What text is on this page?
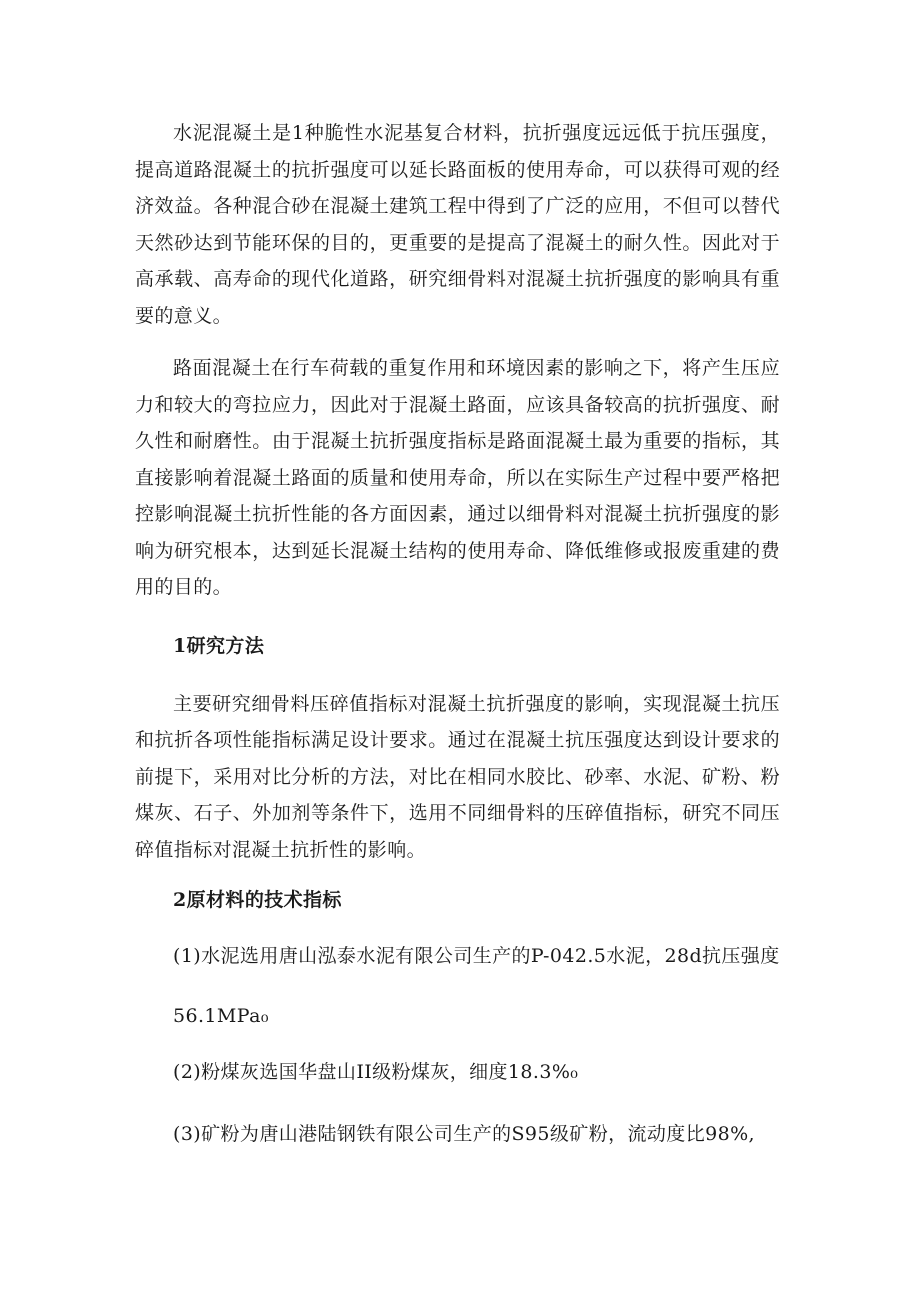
水泥混凝土是1种脆性水泥基复合材料，抗折强度远远低于抗压强度，提高道路混凝土的抗折强度可以延长路面板的使用寿命，可以获得可观的经济效益。各种混合砂在混凝土建筑工程中得到了广泛的应用，不但可以替代天然砂达到节能环保的目的，更重要的是提高了混凝土的耐久性。因此对于高承载、高寿命的现代化道路，研究细骨料对混凝土抗折强度的影响具有重要的意义。

路面混凝土在行车荷载的重复作用和环境因素的影响之下，将产生压应力和较大的弯拉应力，因此对于混凝土路面，应该具备较高的抗折强度、耐久性和耐磨性。由于混凝土抗折强度指标是路面混凝土最为重要的指标，其直接影响着混凝土路面的质量和使用寿命，所以在实际生产过程中要严格把控影响混凝土抗折性能的各方面因素，通过以细骨料对混凝土抗折强度的影响为研究根本，达到延长混凝土结构的使用寿命、降低维修或报废重建的费用的目的。

1研究方法

主要研究细骨料压碎值指标对混凝土抗折强度的影响，实现混凝土抗压和抗折各项性能指标满足设计要求。通过在混凝土抗压强度达到设计要求的前提下，采用对比分析的方法，对比在相同水胶比、砂率、水泥、矿粉、粉煤灰、石子、外加剂等条件下，选用不同细骨料的压碎值指标，研究不同压碎值指标对混凝土抗折性的影响。

2原材料的技术指标

(1)水泥选用唐山泓泰水泥有限公司生产的P-042.5水泥，28d抗压强度
56.1MPa₀

(2)粉煤灰选国华盘山II级粉煤灰，细度18.3%₀

(3)矿粉为唐山港陆钢铁有限公司生产的S95级矿粉，流动度比98%,
